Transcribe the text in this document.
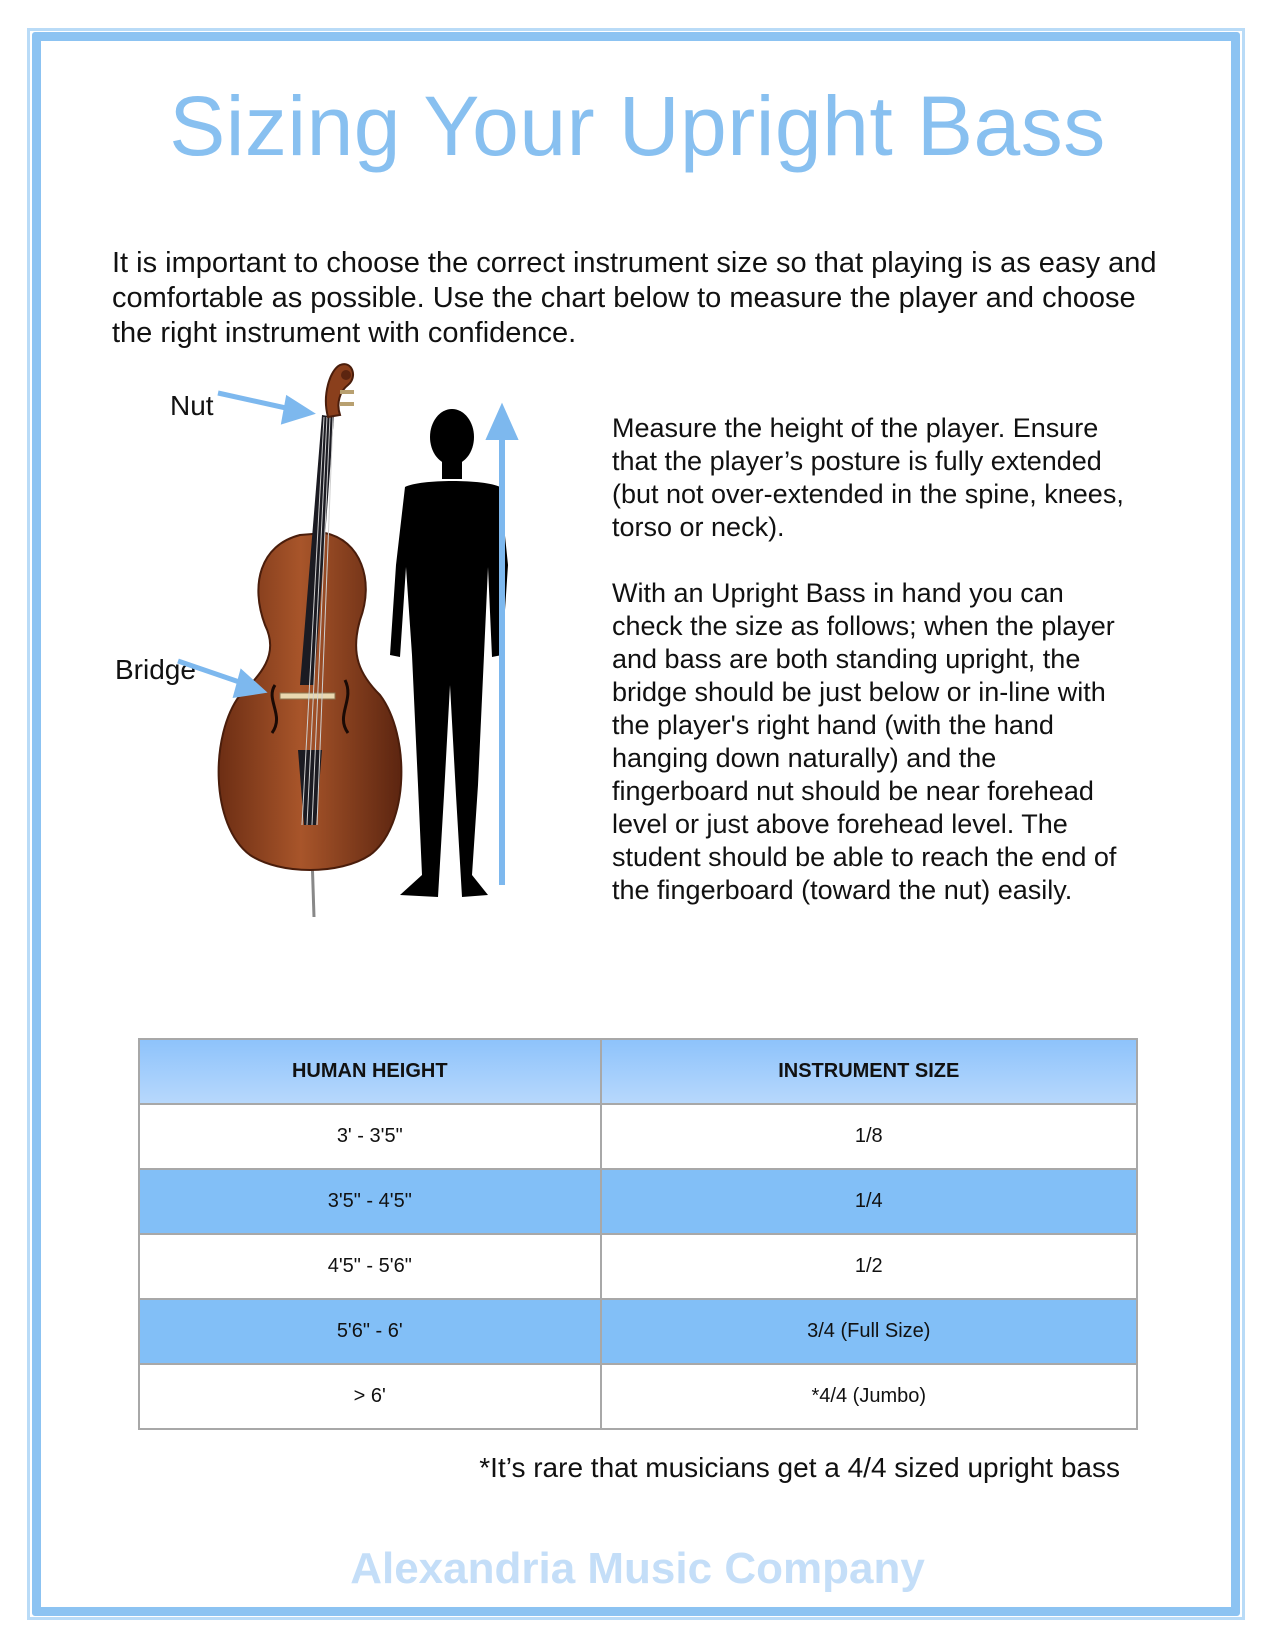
Sizing Your Upright Bass

It is important to choose the correct instrument size so that playing is as easy and comfortable as possible. Use the chart below to measure the player and choose the right instrument with confidence.

Nut
Bridge

Measure the height of the player. Ensure that the player’s posture is fully extended (but not over-extended in the spine, knees, torso or neck).

With an Upright Bass in hand you can check the size as follows; when the player and bass are both standing upright, the bridge should be just below or in-line with the player's right hand (with the hand hanging down naturally) and the fingerboard nut should be near forehead level or just above forehead level. The student should be able to reach the end of the fingerboard (toward the nut) easily.

HUMAN HEIGHT	INSTRUMENT SIZE
3' - 3'5"	1/8
3'5" - 4'5"	1/4
4'5" - 5'6"	1/2
5'6" - 6'	3/4 (Full Size)
> 6'	*4/4 (Jumbo)
*It’s rare that musicians get a 4/4 sized upright bass
Alexandria Music Company
